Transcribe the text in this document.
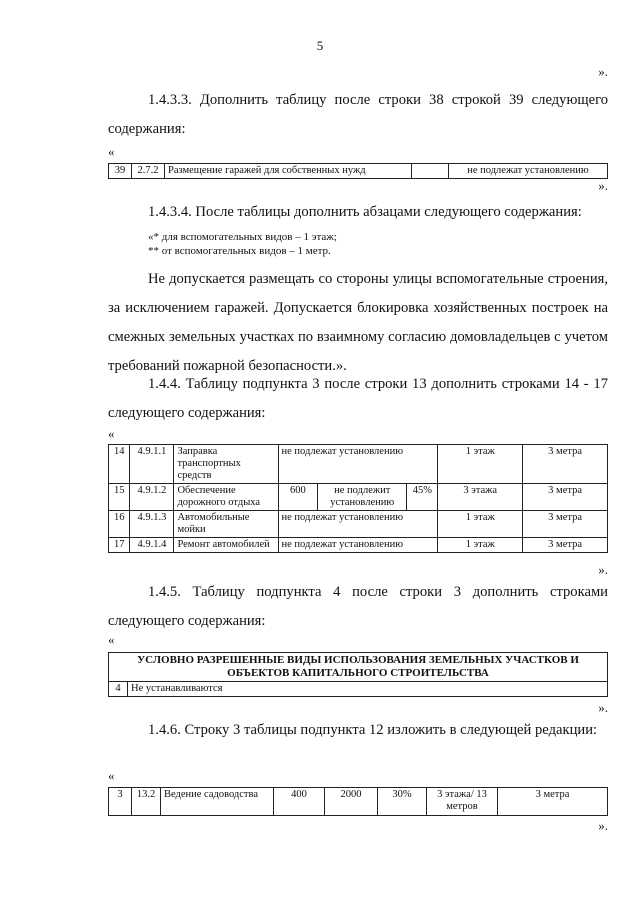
5
».
1.4.3.3. Дополнить таблицу после строки 38 строкой 39 следующего содержания:
«
39	2.7.2	Размещение гаражей для собственных нужд		не подлежат установлению
».
1.4.3.4. После таблицы дополнить абзацами следующего содержания:
«* для вспомогательных видов – 1 этаж;
** от вспомогательных видов – 1 метр.
Не допускается размещать со стороны улицы вспомогательные строения, за исключением гаражей. Допускается блокировка хозяйственных построек на смежных земельных участках по взаимному согласию домовладельцев с учетом требований пожарной безопасности.».
1.4.4. Таблицу подпункта 3 после строки 13 дополнить строками 14 - 17 следующего содержания:
«
14	4.9.1.1	Заправка транспортных средств	не подлежат установлению			1 этаж	3 метра
15	4.9.1.2	Обеспечение дорожного отдыха	600	не подлежит установлению	45%	3 этажа	3 метра
16	4.9.1.3	Автомобильные мойки	не подлежат установлению			1 этаж	3 метра
17	4.9.1.4	Ремонт автомобилей	не подлежат установлению			1 этаж	3 метра
».
1.4.5. Таблицу подпункта 4 после строки 3 дополнить строками следующего содержания:
«
УСЛОВНО РАЗРЕШЕННЫЕ ВИДЫ ИСПОЛЬЗОВАНИЯ ЗЕМЕЛЬНЫХ УЧАСТКОВ И ОБЪЕКТОВ КАПИТАЛЬНОГО СТРОИТЕЛЬСТВА
4	Не устанавливаются
».
1.4.6. Строку 3 таблицы подпункта 12 изложить в следующей редакции:
«
3	13.2	Ведение садоводства	400	2000	30%	3 этажа/ 13 метров	3 метра
».
